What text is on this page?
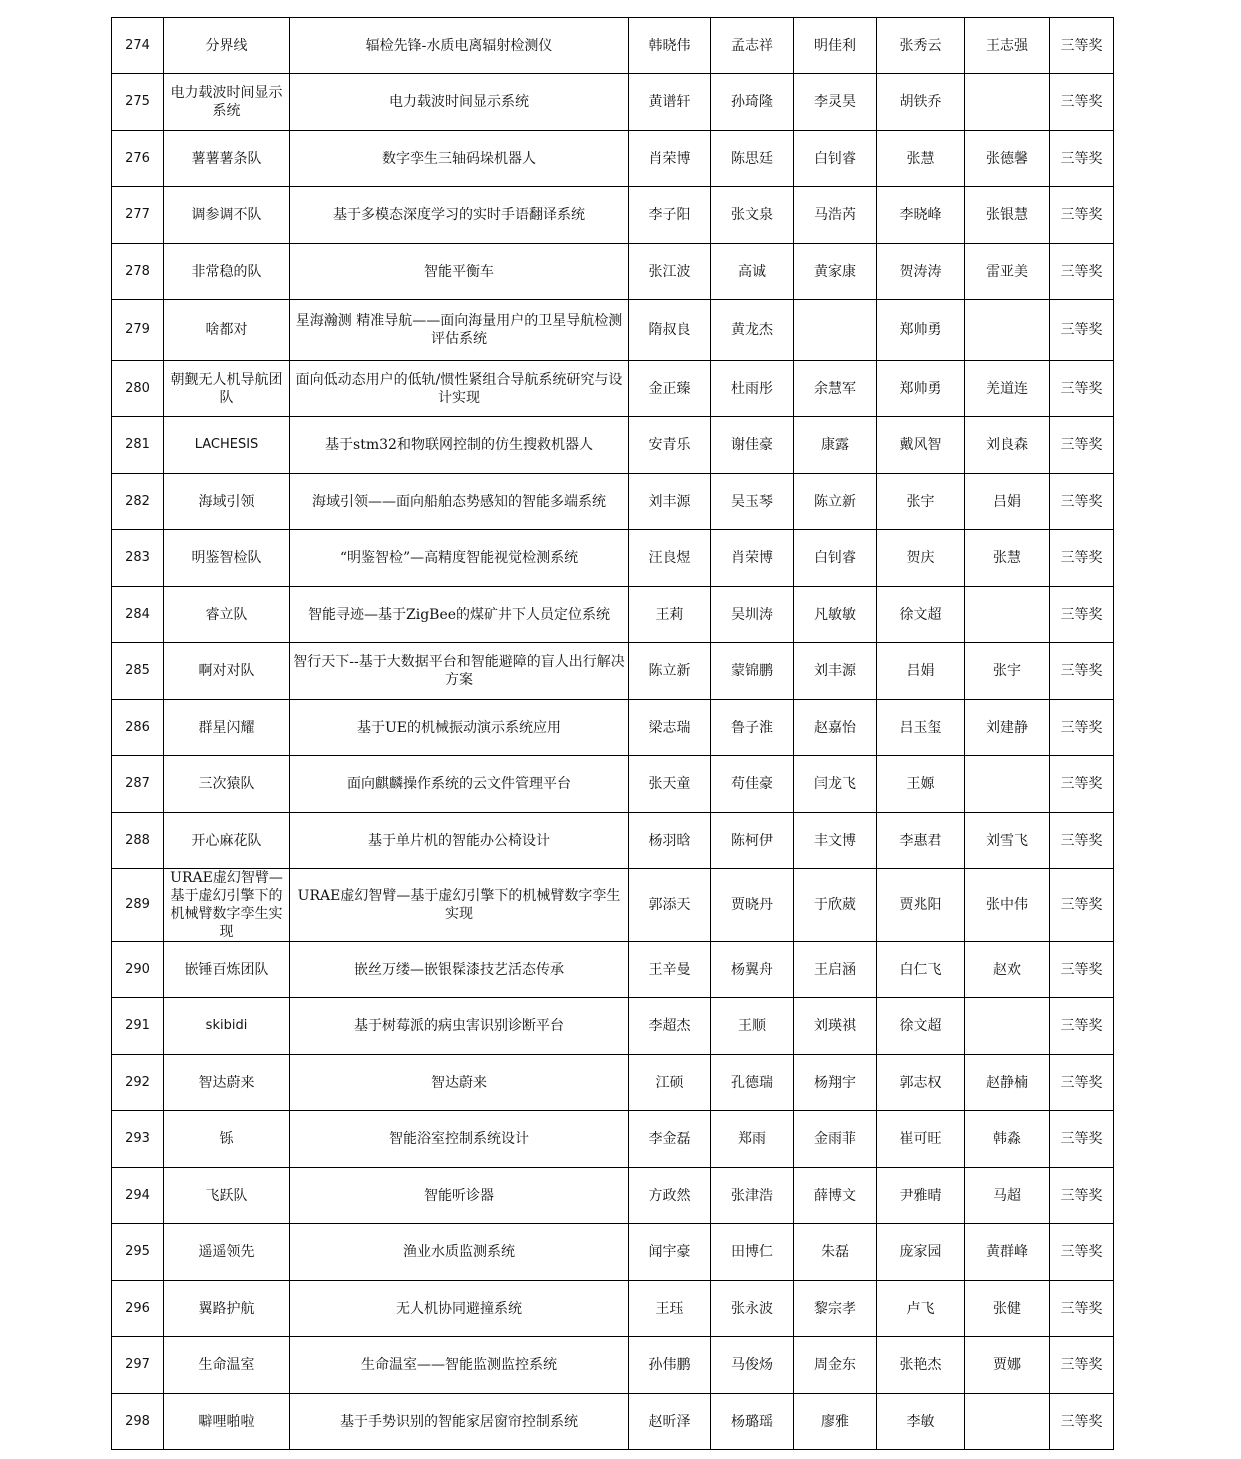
274	分界线	辐检先锋-水质电离辐射检测仪	韩晓伟	孟志祥	明佳利	张秀云	王志强	三等奖
275	电力载波时间显示系统	电力载波时间显示系统	黄谱轩	孙琦隆	李灵昊	胡铁乔		三等奖
276	薯薯薯条队	数字孪生三轴码垛机器人	肖荣博	陈思廷	白钊睿	张慧	张德馨	三等奖
277	调参调不队	基于多模态深度学习的实时手语翻译系统	李子阳	张文泉	马浩芮	李晓峰	张银慧	三等奖
278	非常稳的队	智能平衡车	张江波	高诚	黄家康	贺涛涛	雷亚美	三等奖
279	啥都对	星海瀚测 精准导航——面向海量用户的卫星导航检测评估系统	隋叔良	黄龙杰		郑帅勇		三等奖
280	朝觐无人机导航团队	面向低动态用户的低轨/惯性紧组合导航系统研究与设计实现	金正臻	杜雨彤	余慧军	郑帅勇	羌道连	三等奖
281	LACHESIS	基于stm32和物联网控制的仿生搜救机器人	安青乐	谢佳豪	康露	戴风智	刘良森	三等奖
282	海域引领	海域引领——面向船舶态势感知的智能多端系统	刘丰源	吴玉琴	陈立新	张宇	吕娟	三等奖
283	明鉴智检队	“明鉴智检”—高精度智能视觉检测系统	汪良煜	肖荣博	白钊睿	贺庆	张慧	三等奖
284	睿立队	智能寻迹—基于ZigBee的煤矿井下人员定位系统	王莉	吴圳涛	凡敏敏	徐文超		三等奖
285	啊对对队	智行天下--基于大数据平台和智能避障的盲人出行解决方案	陈立新	蒙锦鹏	刘丰源	吕娟	张宇	三等奖
286	群星闪耀	基于UE的机械振动演示系统应用	梁志瑞	鲁子淮	赵嘉怡	吕玉玺	刘建静	三等奖
287	三次猿队	面向麒麟操作系统的云文件管理平台	张天童	苟佳豪	闫龙飞	王嫄		三等奖
288	开心麻花队	基于单片机的智能办公椅设计	杨羽晗	陈柯伊	丰文博	李惠君	刘雪飞	三等奖
289	URAE虚幻智臂—基于虚幻引擎下的机械臂数字孪生实现	URAE虚幻智臂—基于虚幻引擎下的机械臂数字孪生实现	郭添天	贾晓丹	于欣葳	贾兆阳	张中伟	三等奖
290	嵌锤百炼团队	嵌丝万缕—嵌银髹漆技艺活态传承	王辛曼	杨翼舟	王启涵	白仁飞	赵欢	三等奖
291	skibidi	基于树莓派的病虫害识别诊断平台	李超杰	王顺	刘瑛祺	徐文超		三等奖
292	智达蔚来	智达蔚来	江硕	孔德瑞	杨翔宇	郭志权	赵静楠	三等奖
293	铄	智能浴室控制系统设计	李金磊	郑雨	金雨菲	崔可旺	韩淼	三等奖
294	飞跃队	智能听诊器	方政然	张津浩	薛博文	尹雅晴	马超	三等奖
295	遥遥领先	渔业水质监测系统	闻宇豪	田博仁	朱磊	庞家园	黄群峰	三等奖
296	翼路护航	无人机协同避撞系统	王珏	张永波	黎宗孝	卢飞	张健	三等奖
297	生命温室	生命温室——智能监测监控系统	孙伟鹏	马俊炀	周金东	张艳杰	贾娜	三等奖
298	噼哩啪啦	基于手势识别的智能家居窗帘控制系统	赵昕泽	杨璐瑶	廖雅	李敏		三等奖
